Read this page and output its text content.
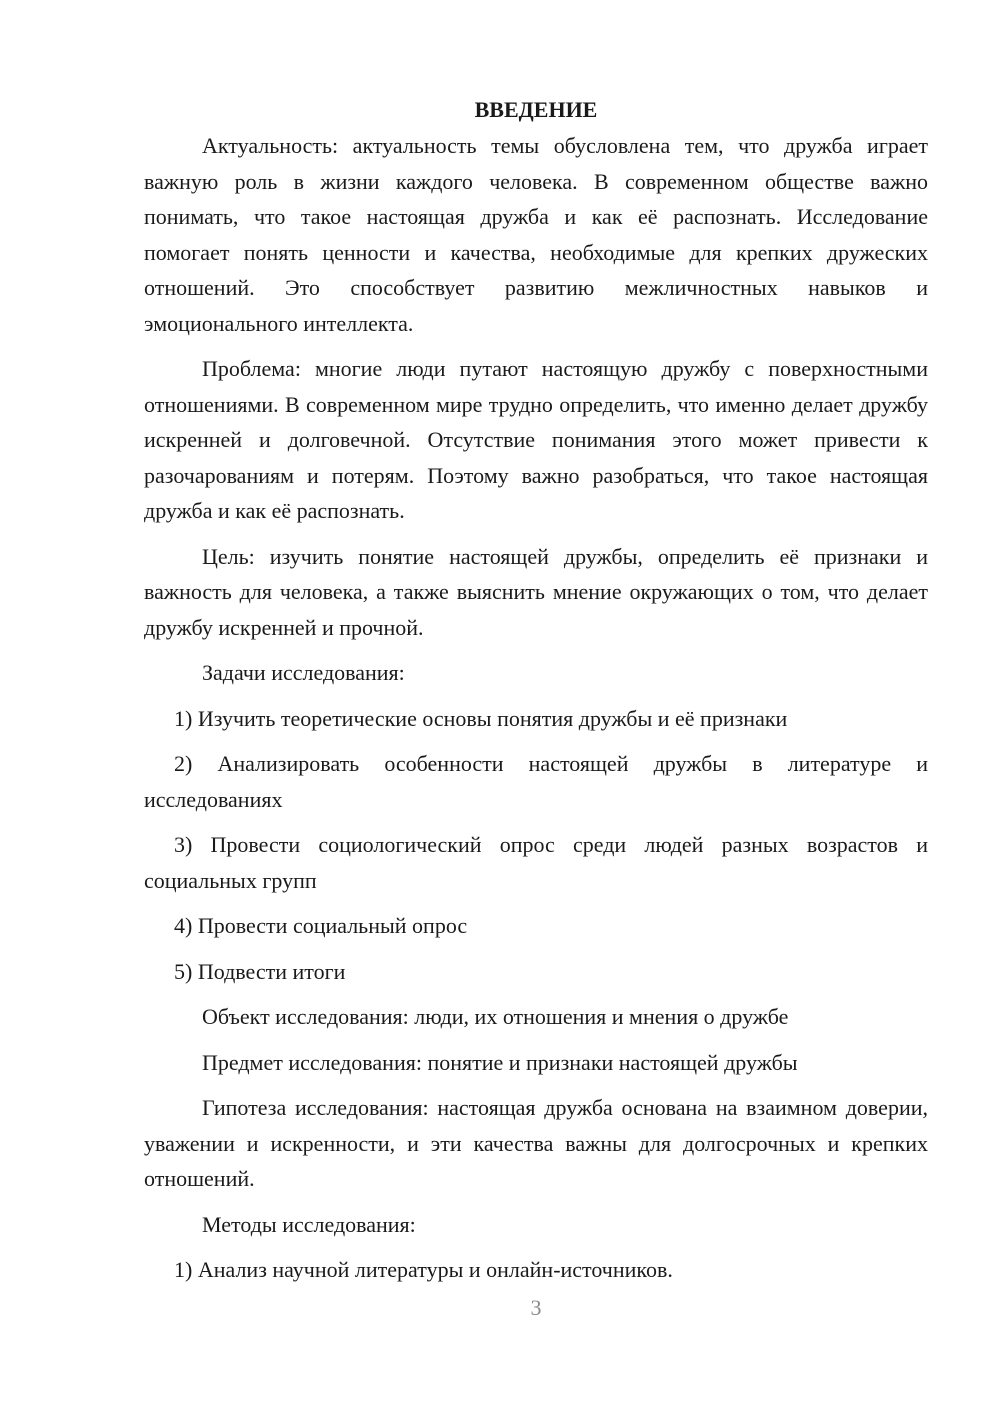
ВВЕДЕНИЕ

Актуальность: актуальность темы обусловлена тем, что дружба играет важную роль в жизни каждого человека. В современном обществе важно понимать, что такое настоящая дружба и как её распознать. Исследование помогает понять ценности и качества, необходимые для крепких дружеских отношений. Это способствует развитию межличностных навыков и эмоционального интеллекта.

Проблема: многие люди путают настоящую дружбу с поверхностными отношениями. В современном мире трудно определить, что именно делает дружбу искренней и долговечной. Отсутствие понимания этого может привести к разочарованиям и потерям. Поэтому важно разобраться, что такое настоящая дружба и как её распознать.

Цель: изучить понятие настоящей дружбы, определить её признаки и важность для человека, а также выяснить мнение окружающих о том, что делает дружбу искренней и прочной.

Задачи исследования:

1) Изучить теоретические основы понятия дружбы и её признаки

2) Анализировать особенности настоящей дружбы в литературе и исследованиях

3) Провести социологический опрос среди людей разных возрастов и социальных групп

4) Провести социальный опрос

5) Подвести итоги

Объект исследования: люди, их отношения и мнения о дружбе

Предмет исследования: понятие и признаки настоящей дружбы

Гипотеза исследования: настоящая дружба основана на взаимном доверии, уважении и искренности, и эти качества важны для долгосрочных и крепких отношений.

Методы исследования:

1) Анализ научной литературы и онлайн-источников.

3
